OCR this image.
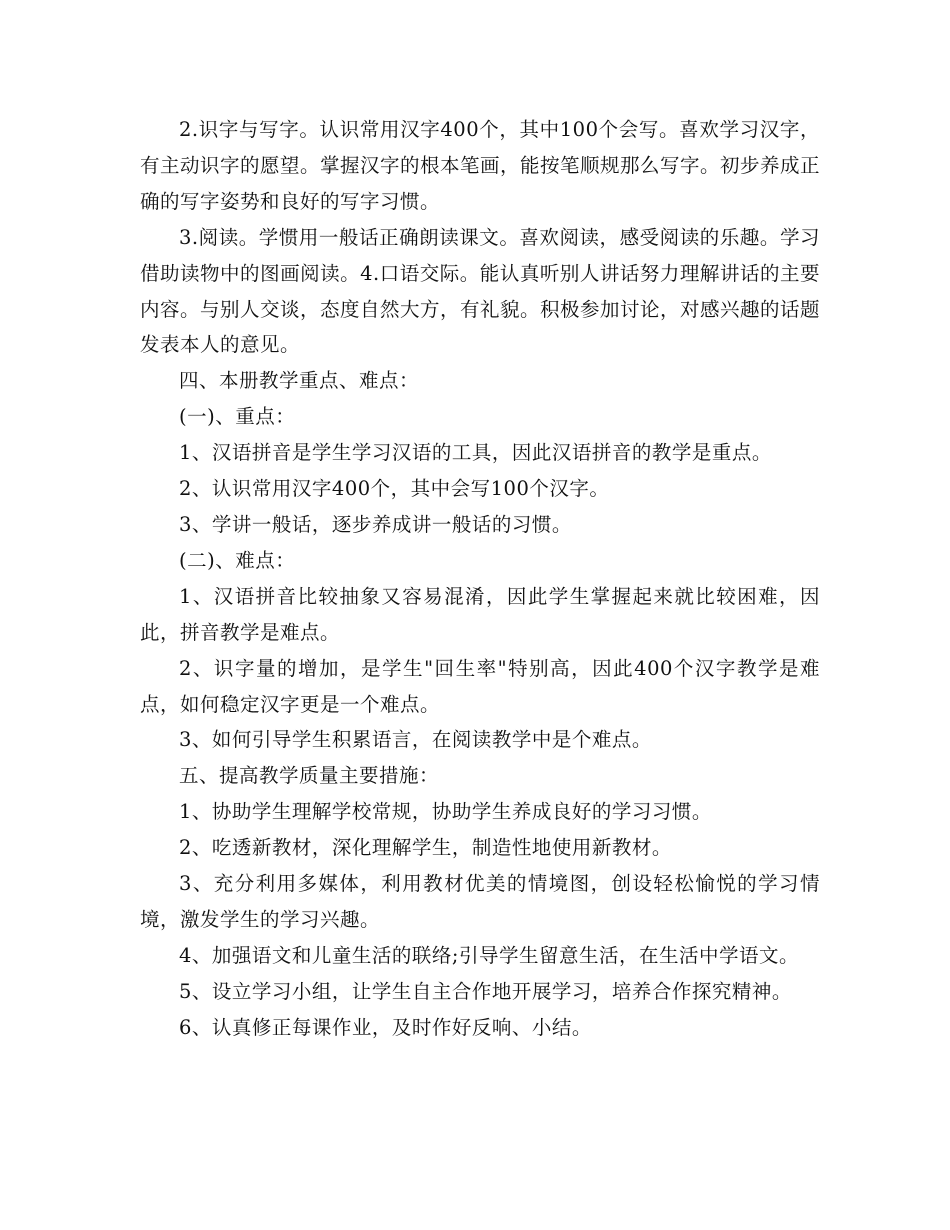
2.识字与写字。认识常用汉字400个，其中100个会写。喜欢学习汉字，有主动识字的愿望。掌握汉字的根本笔画，能按笔顺规那么写字。初步养成正确的写字姿势和良好的写字习惯。

3.阅读。学惯用一般话正确朗读课文。喜欢阅读，感受阅读的乐趣。学习借助读物中的图画阅读。4.口语交际。能认真听别人讲话努力理解讲话的主要内容。与别人交谈，态度自然大方，有礼貌。积极参加讨论，对感兴趣的话题发表本人的意见。

四、本册教学重点、难点：

(一)、重点：

1、汉语拼音是学生学习汉语的工具，因此汉语拼音的教学是重点。

2、认识常用汉字400个，其中会写100个汉字。

3、学讲一般话，逐步养成讲一般话的习惯。

(二)、难点：

1、汉语拼音比较抽象又容易混淆，因此学生掌握起来就比较困难，因此，拼音教学是难点。

2、识字量的增加，是学生"回生率"特别高，因此400个汉字教学是难点，如何稳定汉字更是一个难点。

3、如何引导学生积累语言，在阅读教学中是个难点。

五、提高教学质量主要措施：

1、协助学生理解学校常规，协助学生养成良好的学习习惯。

2、吃透新教材，深化理解学生，制造性地使用新教材。

3、充分利用多媒体，利用教材优美的情境图，创设轻松愉悦的学习情境，激发学生的学习兴趣。

4、加强语文和儿童生活的联络;引导学生留意生活，在生活中学语文。

5、设立学习小组，让学生自主合作地开展学习，培养合作探究精神。

6、认真修正每课作业，及时作好反响、小结。
